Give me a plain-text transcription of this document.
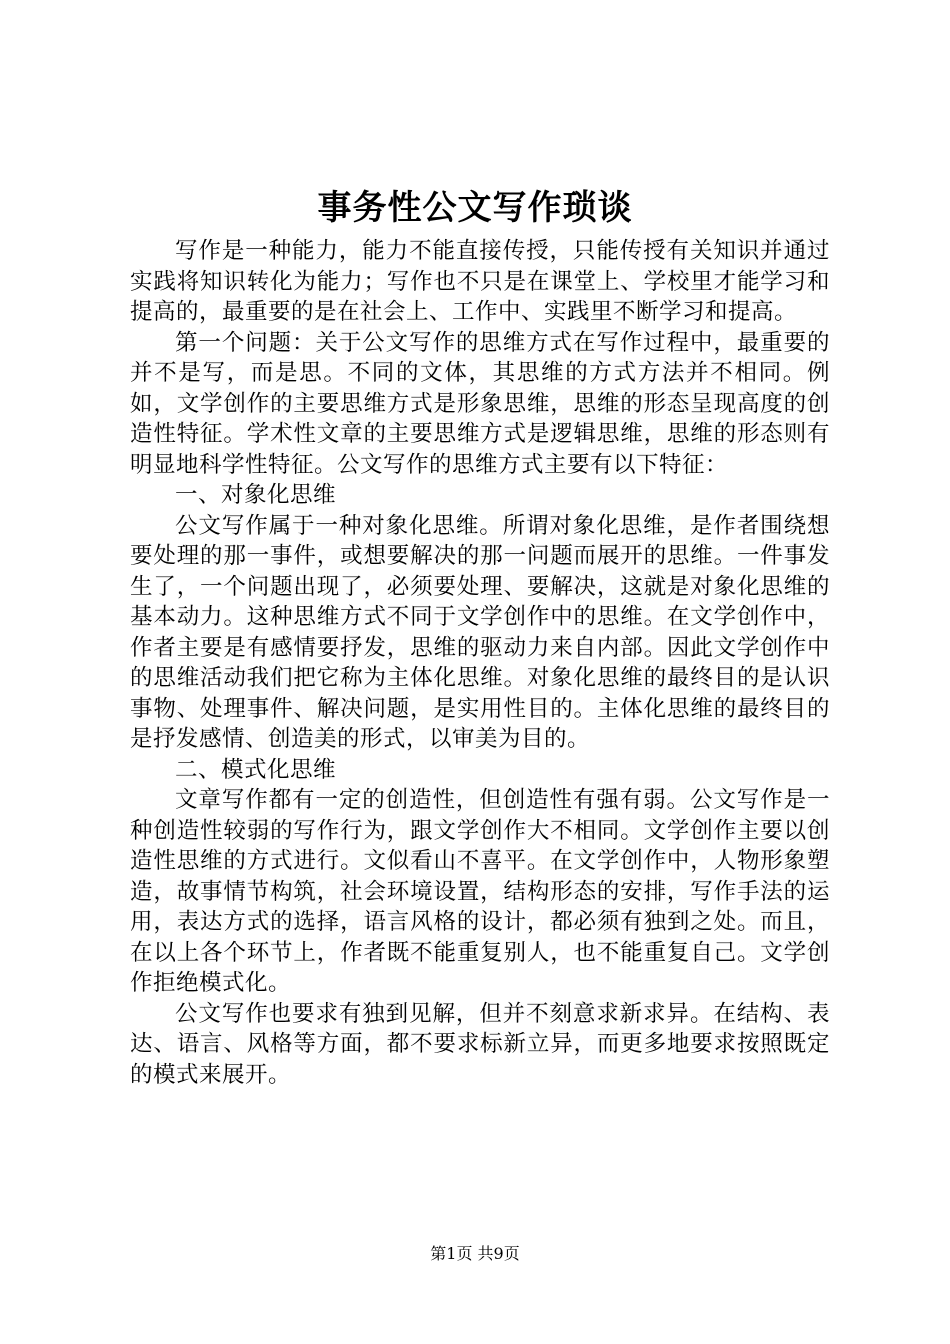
事务性公文写作琐谈

写作是一种能力，能力不能直接传授，只能传授有关知识并通过实践将知识转化为能力；写作也不只是在课堂上、学校里才能学习和提高的，最重要的是在社会上、工作中、实践里不断学习和提高。

第一个问题：关于公文写作的思维方式在写作过程中，最重要的并不是写，而是思。不同的文体，其思维的方式方法并不相同。例如，文学创作的主要思维方式是形象思维，思维的形态呈现高度的创造性特征。学术性文章的主要思维方式是逻辑思维，思维的形态则有明显地科学性特征。公文写作的思维方式主要有以下特征：

一、对象化思维

公文写作属于一种对象化思维。所谓对象化思维，是作者围绕想要处理的那一事件，或想要解决的那一问题而展开的思维。一件事发生了，一个问题出现了，必须要处理、要解决，这就是对象化思维的基本动力。这种思维方式不同于文学创作中的思维。在文学创作中，作者主要是有感情要抒发，思维的驱动力来自内部。因此文学创作中的思维活动我们把它称为主体化思维。对象化思维的最终目的是认识事物、处理事件、解决问题，是实用性目的。主体化思维的最终目的是抒发感情、创造美的形式，以审美为目的。

二、模式化思维

文章写作都有一定的创造性，但创造性有强有弱。公文写作是一种创造性较弱的写作行为，跟文学创作大不相同。文学创作主要以创造性思维的方式进行。文似看山不喜平。在文学创作中，人物形象塑造，故事情节构筑，社会环境设置，结构形态的安排，写作手法的运用，表达方式的选择，语言风格的设计，都必须有独到之处。而且，在以上各个环节上，作者既不能重复别人，也不能重复自己。文学创作拒绝模式化。

公文写作也要求有独到见解，但并不刻意求新求异。在结构、表达、语言、风格等方面，都不要求标新立异，而更多地要求按照既定的模式来展开。

第1页 共9页
